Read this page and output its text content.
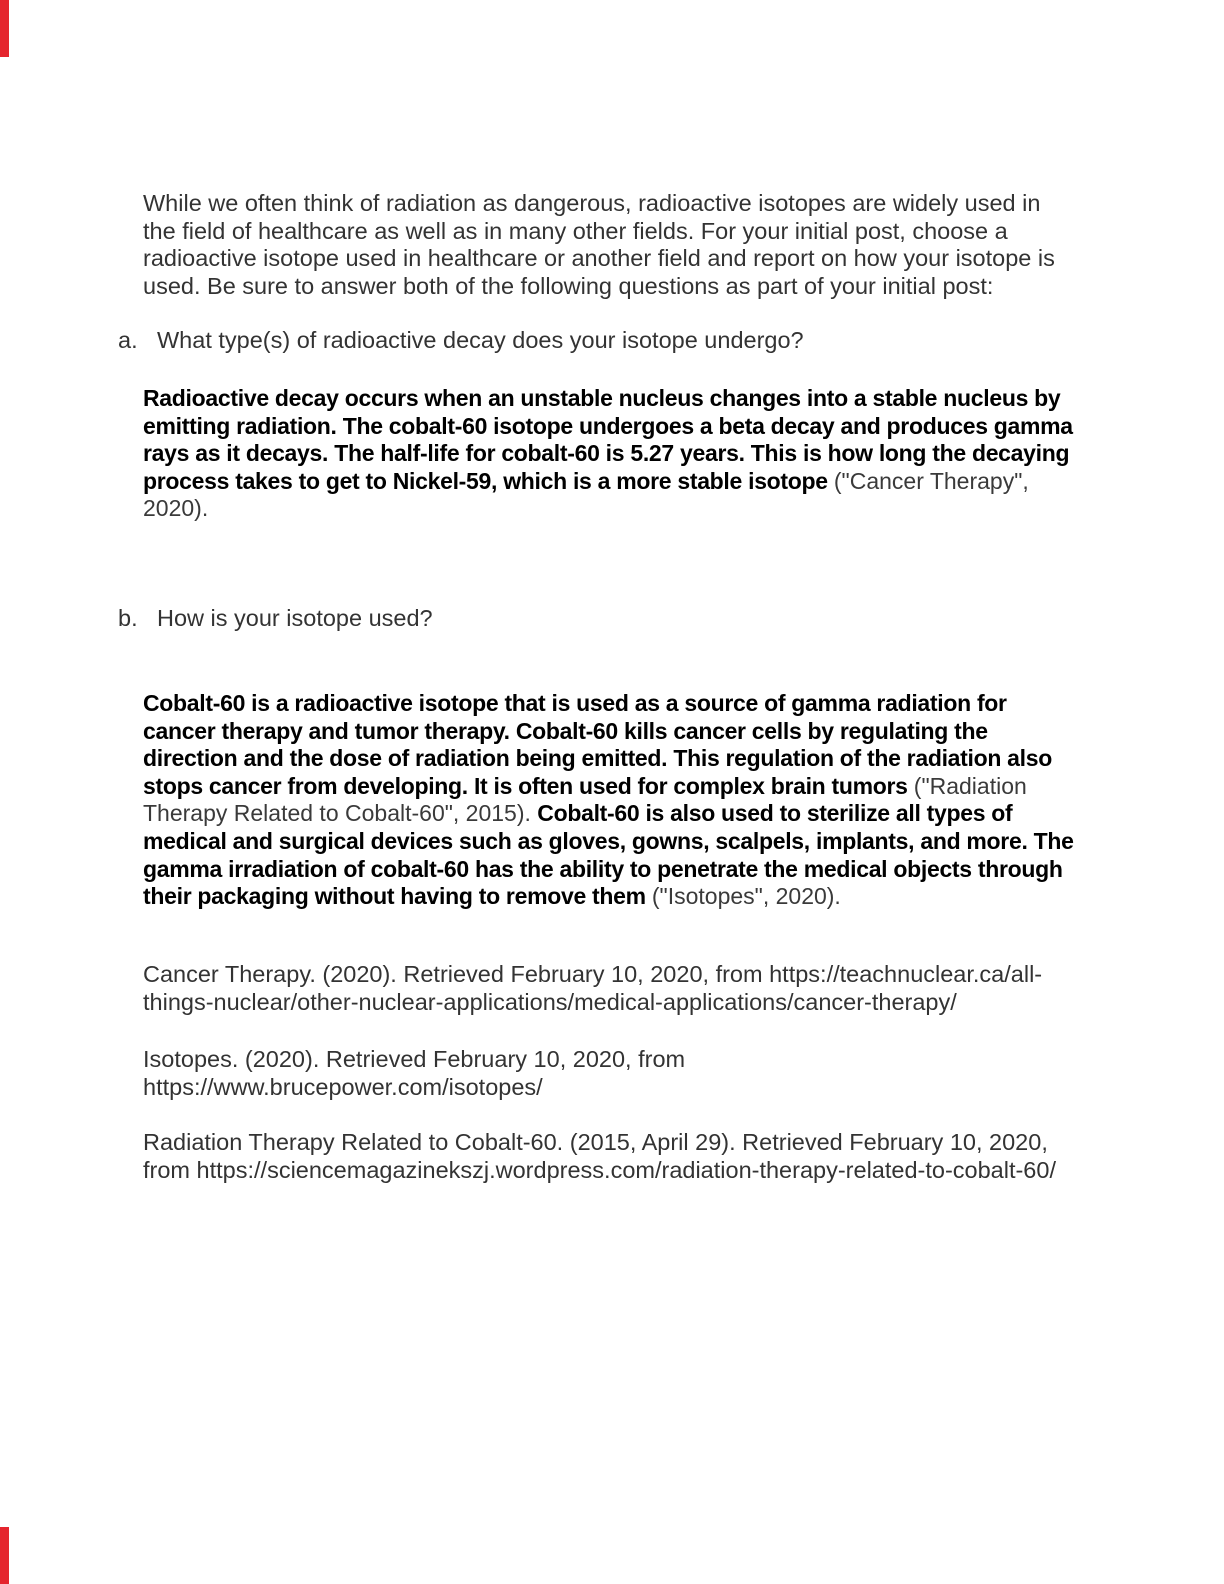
While we often think of radiation as dangerous, radioactive isotopes are widely used in
the field of healthcare as well as in many other fields. For your initial post, choose a
radioactive isotope used in healthcare or another field and report on how your isotope is
used. Be sure to answer both of the following questions as part of your initial post:
a. What type(s) of radioactive decay does your isotope undergo?
Radioactive decay occurs when an unstable nucleus changes into a stable nucleus by
emitting radiation. The cobalt-60 isotope undergoes a beta decay and produces gamma
rays as it decays. The half-life for cobalt-60 is 5.27 years. This is how long the decaying
process takes to get to Nickel-59, which is a more stable isotope ("Cancer Therapy",
2020).
b. How is your isotope used?
Cobalt-60 is a radioactive isotope that is used as a source of gamma radiation for
cancer therapy and tumor therapy. Cobalt-60 kills cancer cells by regulating the
direction and the dose of radiation being emitted. This regulation of the radiation also
stops cancer from developing. It is often used for complex brain tumors ("Radiation
Therapy Related to Cobalt-60", 2015). Cobalt-60 is also used to sterilize all types of
medical and surgical devices such as gloves, gowns, scalpels, implants, and more. The
gamma irradiation of cobalt-60 has the ability to penetrate the medical objects through
their packaging without having to remove them ("Isotopes", 2020).
Cancer Therapy. (2020). Retrieved February 10, 2020, from https://teachnuclear.ca/all-
things-nuclear/other-nuclear-applications/medical-applications/cancer-therapy/
Isotopes. (2020). Retrieved February 10, 2020, from
https://www.brucepower.com/isotopes/
Radiation Therapy Related to Cobalt-60. (2015, April 29). Retrieved February 10, 2020,
from https://sciencemagazinekszj.wordpress.com/radiation-therapy-related-to-cobalt-60/
